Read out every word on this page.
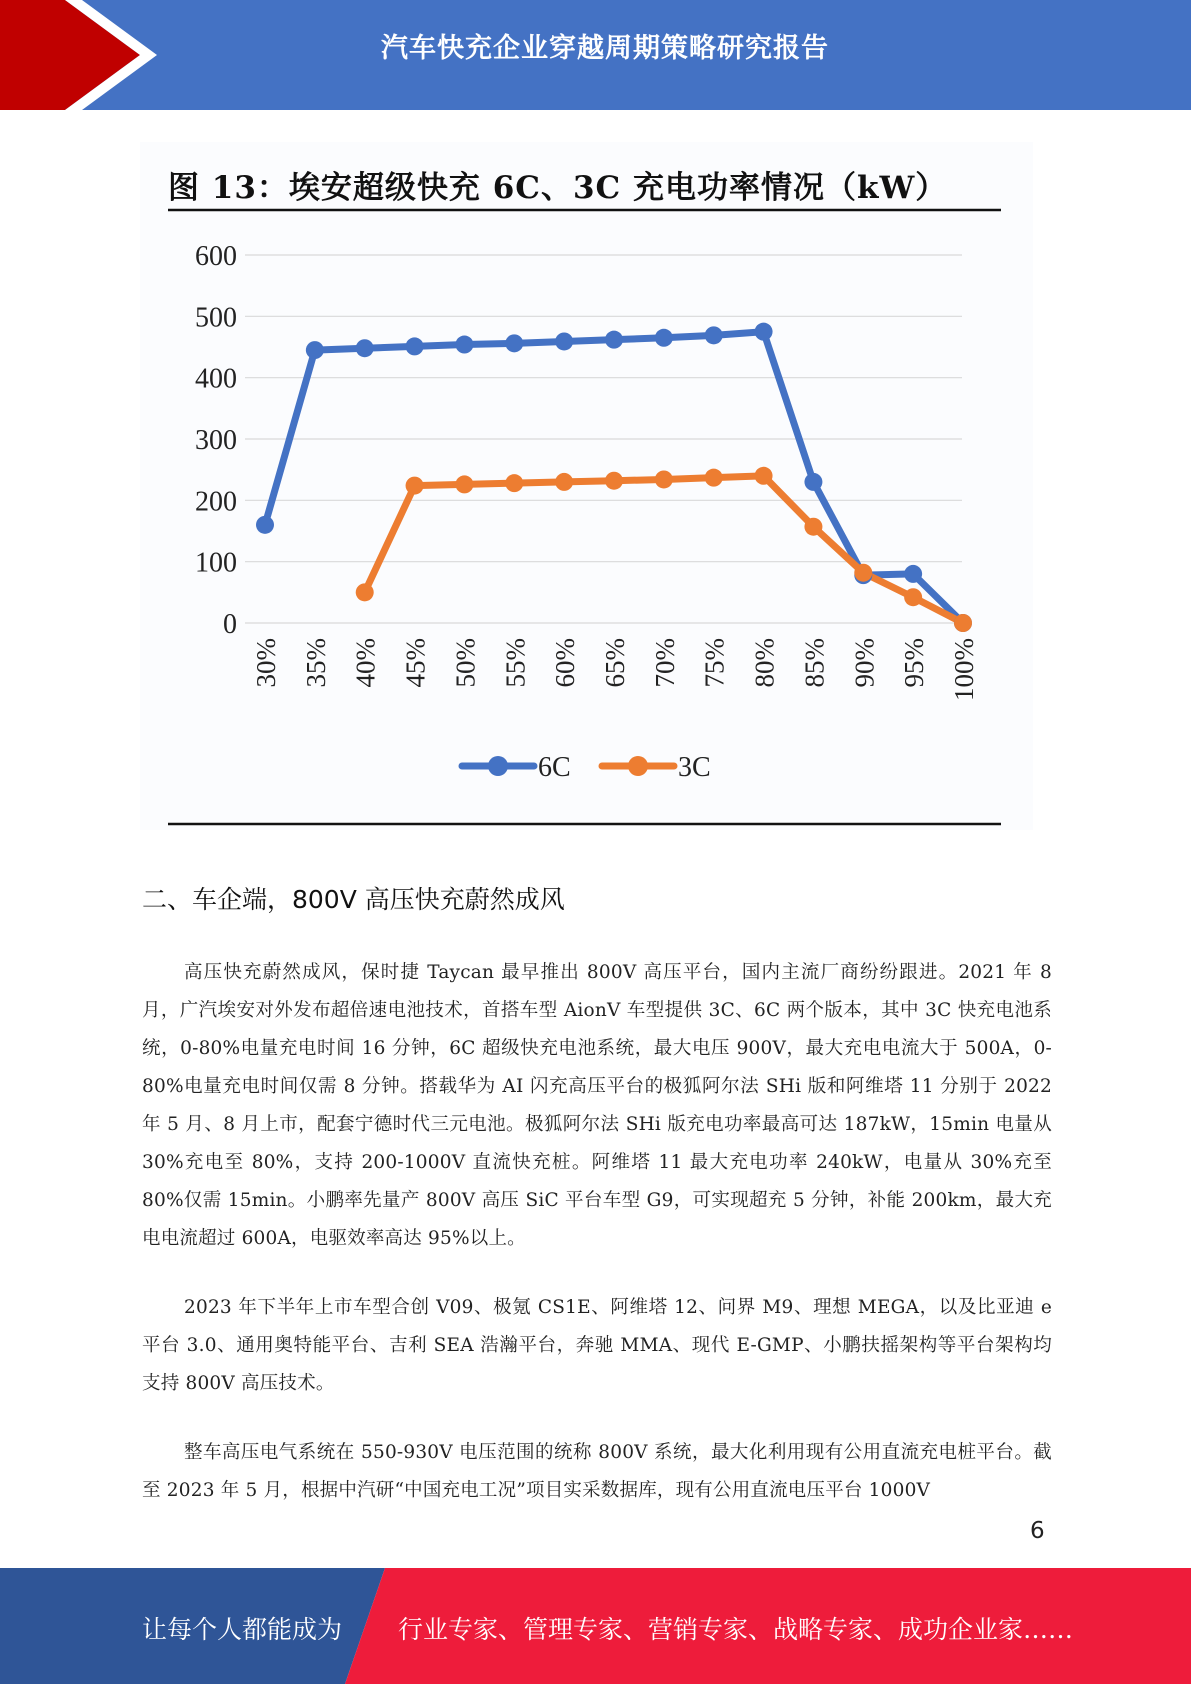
汽车快充企业穿越周期策略研究报告
0
100
200
300
400
500
600
30% 35% 40% 45% 50% 55% 60% 65% 70% 75% 80% 85% 90% 95% 100%
6C	3C
图 13：埃安超级快充 6C、3C 充电功率情况（kW）
二、车企端，800V 高压快充蔚然成风

高压快充蔚然成风，保时捷 Taycan 最早推出 800V 高压平台，国内主流厂商纷纷跟进。2021 年 8 月，广汽埃安对外发布超倍速电池技术，首搭车型 AionV 车型提供 3C、6C 两个版本，其中 3C 快充电池系统，0-80%电量充电时间 16 分钟，6C 超级快充电池系统，最大电压 900V，最大充电电流大于 500A，0-80%电量充电时间仅需 8 分钟。搭载华为 AI 闪充高压平台的极狐阿尔法 SHi 版和阿维塔 11 分别于 2022 年 5 月、8 月上市，配套宁德时代三元电池。极狐阿尔法 SHi 版充电功率最高可达 187kW，15min 电量从 30%充电至 80%，支持 200-1000V 直流快充桩。阿维塔 11 最大充电功率 240kW，电量从 30%充至 80%仅需 15min。小鹏率先量产 800V 高压 SiC 平台车型 G9，可实现超充 5 分钟，补能 200km，最大充电电流超过 600A，电驱效率高达 95%以上。

2023 年下半年上市车型合创 V09、极氪 CS1E、阿维塔 12、问界 M9、理想 MEGA，以及比亚迪 e 平台 3.0、通用奥特能平台、吉利 SEA 浩瀚平台，奔驰 MMA、现代 E-GMP、小鹏扶摇架构等平台架构均支持 800V 高压技术。

整车高压电气系统在 550-930V 电压范围的统称 800V 系统，最大化利用现有公用直流充电桩平台。截至 2023 年 5 月，根据中汽研“中国充电工况”项目实采数据库，现有公用直流电压平台 1000V

6
让每个人都能成为 行业专家、管理专家、营销专家、战略专家、成功企业家……
